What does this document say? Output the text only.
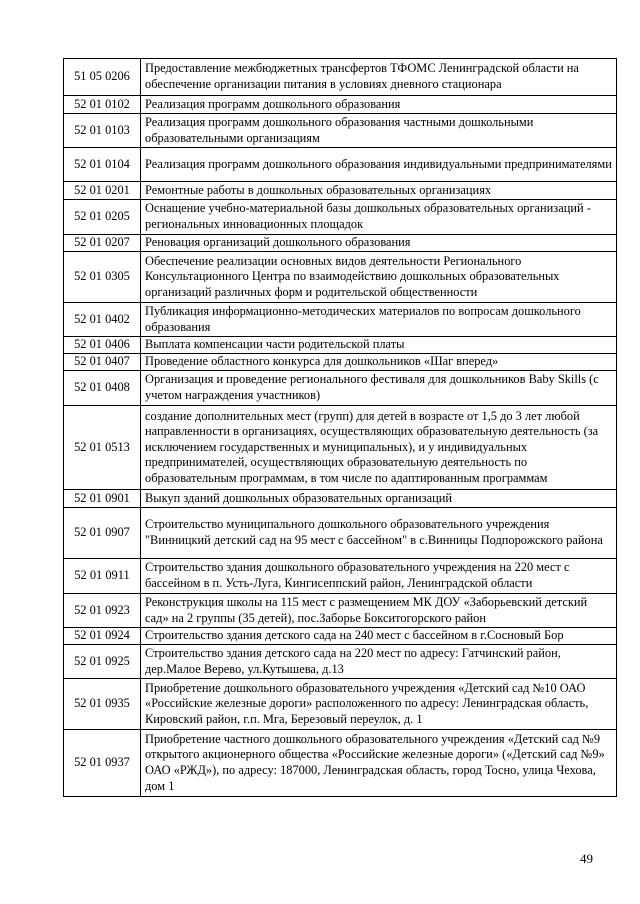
51 05 0206	Предоставление межбюджетных трансфертов ТФОМС Ленинградской области на обеспечение организации питания в условиях дневного стационара
52 01 0102	Реализация программ дошкольного образования
52 01 0103	Реализация программ дошкольного образования частными дошкольными образовательными организациям
52 01 0104	Реализация программ дошкольного образования индивидуальными предпринимателями
52 01 0201	Ремонтные работы в дошкольных образовательных организациях
52 01 0205	Оснащение учебно-материальной базы дошкольных образовательных организаций - региональных инновационных площадок
52 01 0207	Реновация организаций дошкольного образования
52 01 0305	Обеспечение реализации основных видов деятельности Регионального Консультационного Центра по взаимодействию дошкольных образовательных организаций различных форм и родительской общественности
52 01 0402	Публикация информационно-методических материалов по вопросам дошкольного образования
52 01 0406	Выплата компенсации части родительской платы
52 01 0407	Проведение областного конкурса для дошкольников «Шаг вперед»
52 01 0408	Организация и проведение регионального фестиваля для дошкольников Baby Skills (с учетом награждения участников)
52 01 0513	создание дополнительных мест (групп) для детей в возрасте от 1,5 до 3 лет любой направленности в организациях, осуществляющих образовательную деятельность (за исключением государственных и муниципальных), и у индивидуальных предпринимателей, осуществляющих образовательную деятельность по образовательным программам, в том числе по адаптированным программам
52 01 0901	Выкуп зданий дошкольных образовательных организаций
52 01 0907	Строительство муниципального дошкольного образовательного учреждения "Винницкий детский сад на 95 мест с бассейном" в с.Винницы Подпорожского района
52 01 0911	Строительство здания дошкольного образовательного учреждения на 220 мест с бассейном в п. Усть-Луга, Кингисеппский район, Ленинградской области
52 01 0923	Реконструкция школы на 115 мест с размещением МК ДОУ «Заборьевский детский сад» на 2 группы (35 детей), пос.Заборье Бокситогорского район
52 01 0924	Строительство здания детского сада на 240 мест с бассейном в г.Сосновый Бор
52 01 0925	Строительство здания детского сада на 220 мест по адресу: Гатчинский район, дер.Малое Верево, ул.Кутышева, д.13
52 01 0935	Приобретение дошкольного образовательного учреждения «Детский сад №10 ОАО «Российские железные дороги» расположенного по адресу: Ленинградская область, Кировский район, г.п. Мга, Березовый переулок, д. 1
52 01 0937	Приобретение частного дошкольного образовательного учреждения «Детский сад №9 открытого акционерного общества «Российские железные дороги» («Детский сад №9» ОАО «РЖД»), по адресу: 187000, Ленинградская область, город Тосно, улица Чехова, дом 1
49
